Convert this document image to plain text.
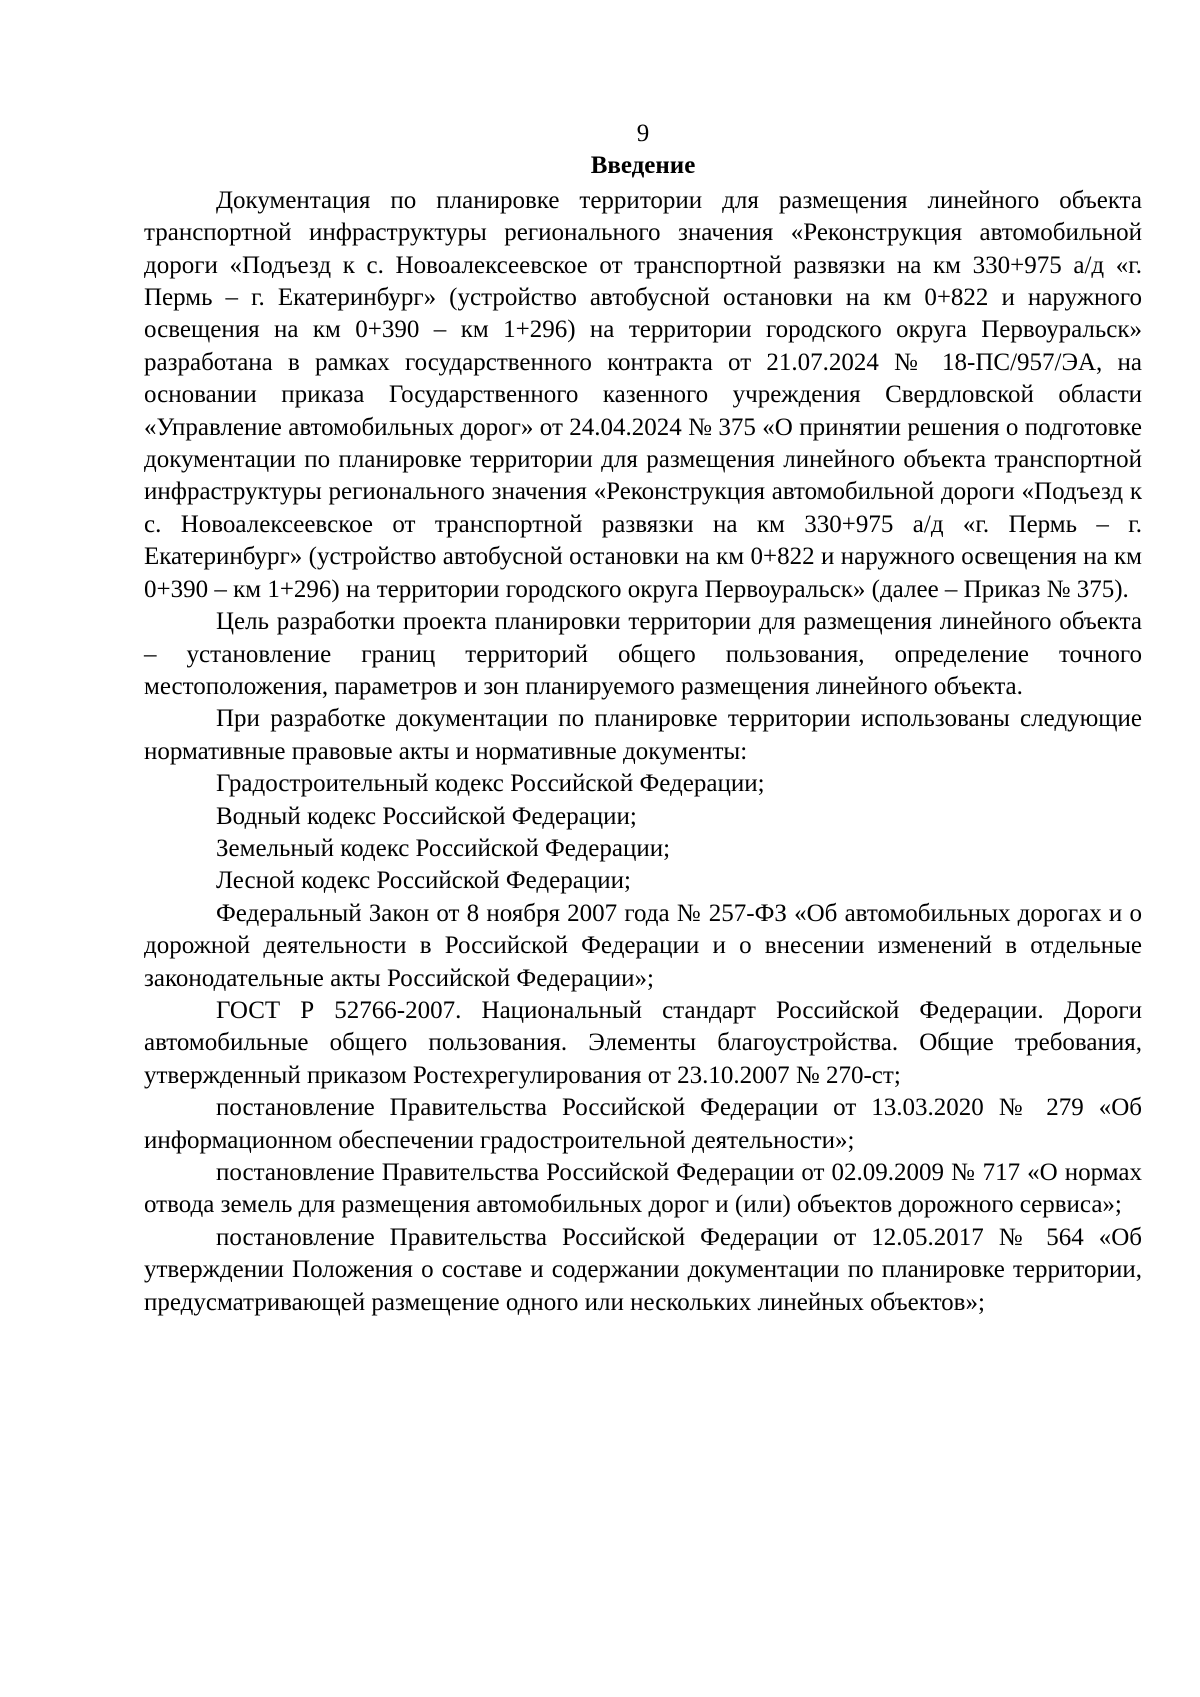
9

Введение

Документация по планировке территории для размещения линейного объекта транспортной инфраструктуры регионального значения «Реконструкция автомобильной дороги «Подъезд к с. Новоалексеевское от транспортной развязки на км 330+975 а/д «г. Пермь – г. Екатеринбург» (устройство автобусной остановки на км 0+822 и наружного освещения на км 0+390 – км 1+296) на территории городского округа Первоуральск» разработана в рамках государственного контракта от 21.07.2024 № 18-ПС/957/ЭА, на основании приказа Государственного казенного учреждения Свердловской области «Управление автомобильных дорог» от 24.04.2024 № 375 «О принятии решения о подготовке документации по планировке территории для размещения линейного объекта транспортной инфраструктуры регионального значения «Реконструкция автомобильной дороги «Подъезд к с. Новоалексеевское от транспортной развязки на км 330+975 а/д «г. Пермь – г. Екатеринбург» (устройство автобусной остановки на км 0+822 и наружного освещения на км 0+390 – км 1+296) на территории городского округа Первоуральск» (далее – Приказ № 375).

Цель разработки проекта планировки территории для размещения линейного объекта – установление границ территорий общего пользования, определение точного местоположения, параметров и зон планируемого размещения линейного объекта.

При разработке документации по планировке территории использованы следующие нормативные правовые акты и нормативные документы:

Градостроительный кодекс Российской Федерации;

Водный кодекс Российской Федерации;

Земельный кодекс Российской Федерации;

Лесной кодекс Российской Федерации;

Федеральный Закон от 8 ноября 2007 года № 257-ФЗ «Об автомобильных дорогах и о дорожной деятельности в Российской Федерации и о внесении изменений в отдельные законодательные акты Российской Федерации»;

ГОСТ Р 52766-2007. Национальный стандарт Российской Федерации. Дороги автомобильные общего пользования. Элементы благоустройства. Общие требования, утвержденный приказом Ростехрегулирования от 23.10.2007 № 270-ст;

постановление Правительства Российской Федерации от 13.03.2020 № 279 «Об информационном обеспечении градостроительной деятельности»;

постановление Правительства Российской Федерации от 02.09.2009 № 717 «О нормах отвода земель для размещения автомобильных дорог и (или) объектов дорожного сервиса»;

постановление Правительства Российской Федерации от 12.05.2017 № 564 «Об утверждении Положения о составе и содержании документации по планировке территории, предусматривающей размещение одного или нескольких линейных объектов»;
